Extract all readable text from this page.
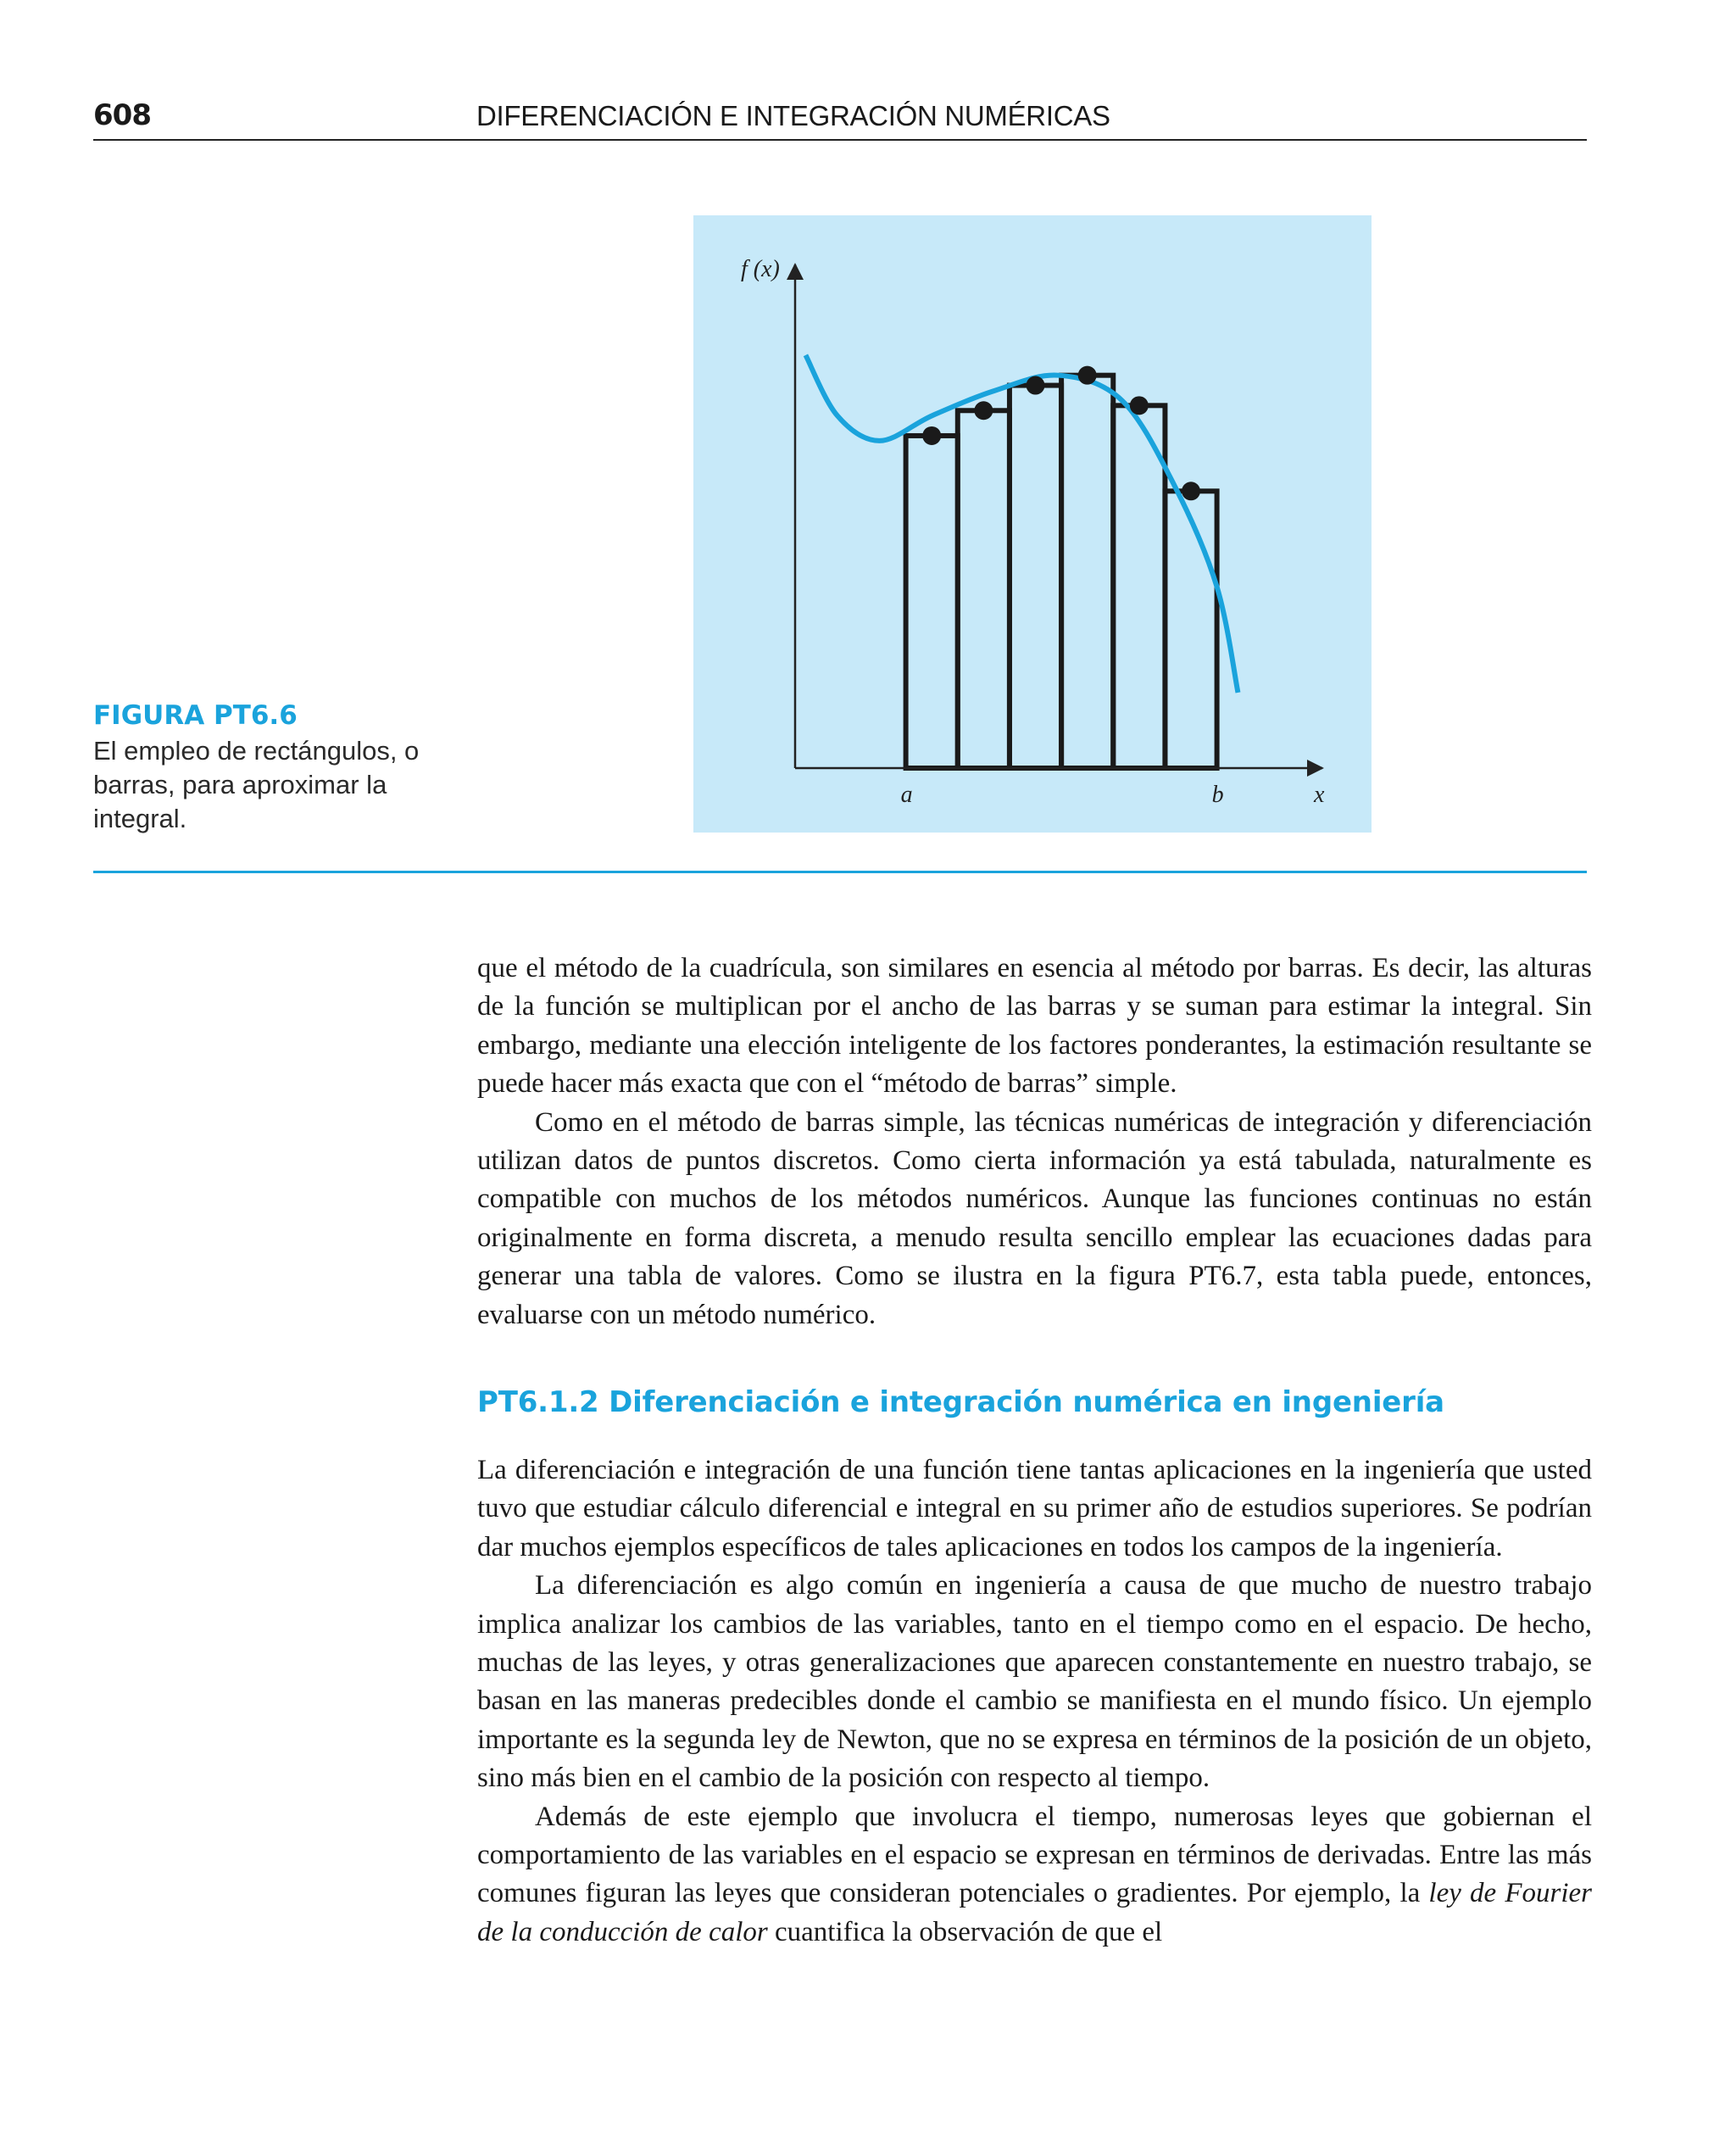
608	DIFERENCIACIÓN E INTEGRACIÓN NUMÉRICAS
f (x)
x
a	b
FIGURA PT6.6
El empleo de rectángulos, o barras, para aproximar la integral.

que el método de la cuadrícula, son similares en esencia al método por barras. Es decir, las alturas de la función se multiplican por el ancho de las barras y se suman para estimar la integral. Sin embargo, mediante una elección inteligente de los factores ponderantes, la estimación resultante se puede hacer más exacta que con el “método de barras” simple.

Como en el método de barras simple, las técnicas numéricas de integración y diferenciación utilizan datos de puntos discretos. Como cierta información ya está tabulada, naturalmente es compatible con muchos de los métodos numéricos. Aunque las funciones continuas no están originalmente en forma discreta, a menudo resulta sencillo emplear las ecuaciones dadas para generar una tabla de valores. Como se ilustra en la figura PT6.7, esta tabla puede, entonces, evaluarse con un método numérico.

PT6.1.2 Diferenciación e integración numérica en ingeniería

La diferenciación e integración de una función tiene tantas aplicaciones en la ingeniería que usted tuvo que estudiar cálculo diferencial e integral en su primer año de estudios superiores. Se podrían dar muchos ejemplos específicos de tales aplicaciones en todos los campos de la ingeniería.

La diferenciación es algo común en ingeniería a causa de que mucho de nuestro trabajo implica analizar los cambios de las variables, tanto en el tiempo como en el espacio. De hecho, muchas de las leyes, y otras generalizaciones que aparecen constantemente en nuestro trabajo, se basan en las maneras predecibles donde el cambio se manifiesta en el mundo físico. Un ejemplo importante es la segunda ley de Newton, que no se expresa en términos de la posición de un objeto, sino más bien en el cambio de la posición con respecto al tiempo.

Además de este ejemplo que involucra el tiempo, numerosas leyes que gobiernan el comportamiento de las variables en el espacio se expresan en términos de derivadas. Entre las más comunes figuran las leyes que consideran potenciales o gradientes. Por ejemplo, la ley de Fourier de la conducción de calor cuantifica la observación de que el
